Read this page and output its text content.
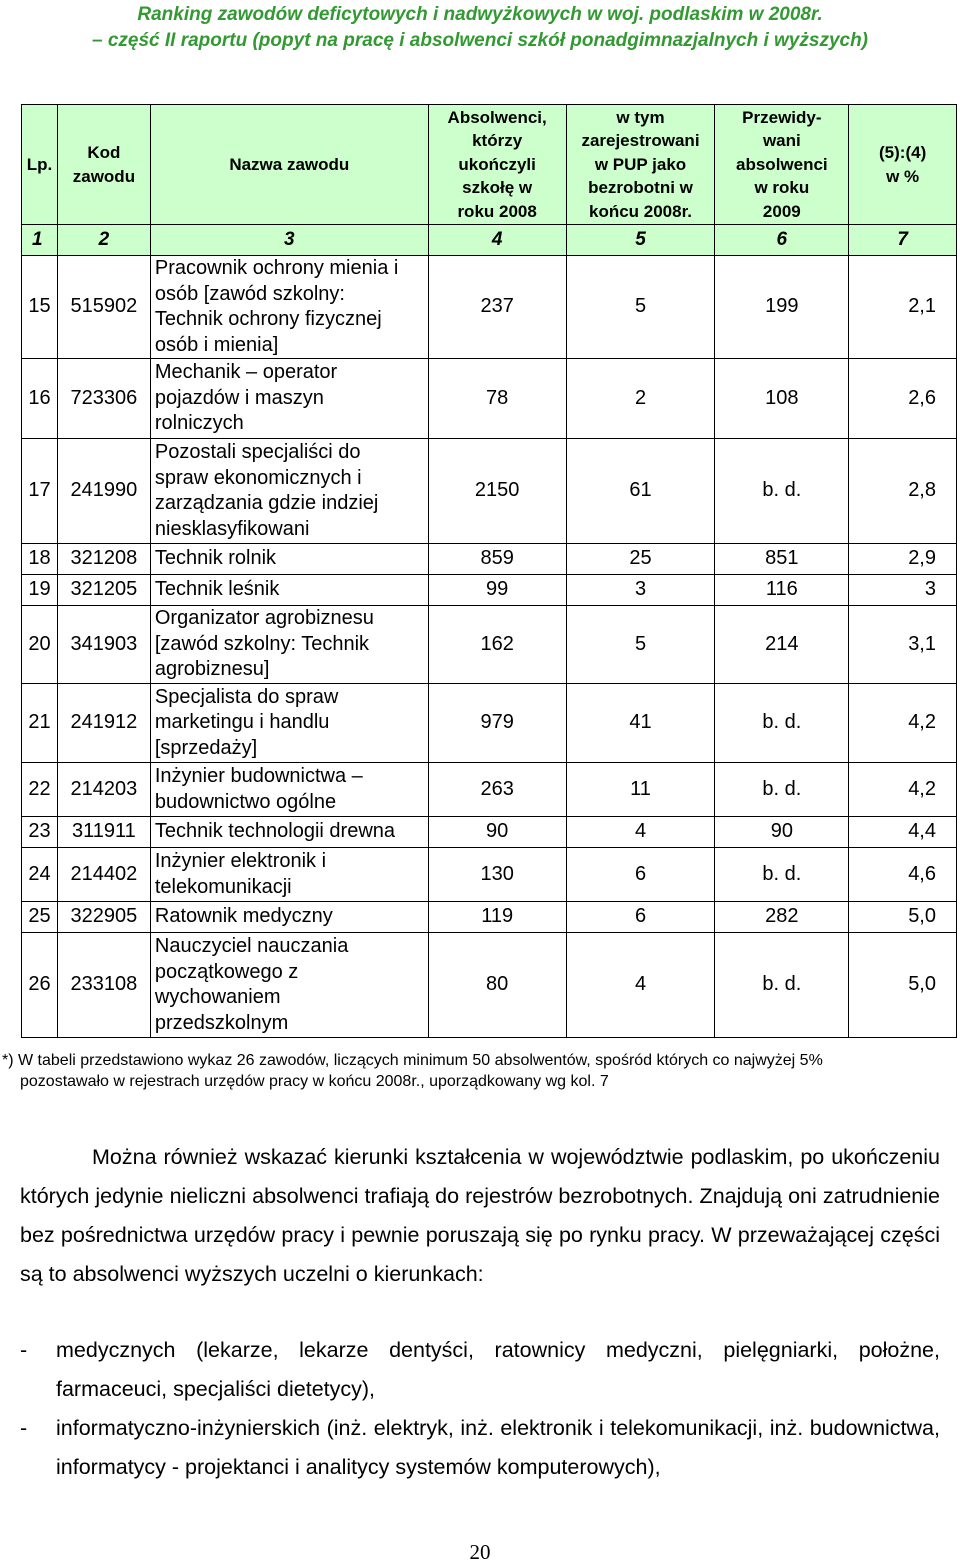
Ranking zawodów deficytowych i nadwyżkowych w woj. podlaskim w 2008r.
– część II raportu (popyt na pracę i absolwenci szkół ponadgimnazjalnych i wyższych)
Lp.	Kod
zawodu	Nazwa zawodu	Absolwenci,
którzy
ukończyli
szkołę w
roku 2008	w tym
zarejestrowani
w PUP jako
bezrobotni w
końcu 2008r.	Przewidy-
wani
absolwenci
w roku
2009	(5):(4)
w %
1	2	3	4	5	6	7
15	515902	Pracownik ochrony mienia i
osób [zawód szkolny:
Technik ochrony fizycznej
osób i mienia]	237	5	199	2,1
16	723306	Mechanik – operator
pojazdów i maszyn
rolniczych	78	2	108	2,6
17	241990	Pozostali specjaliści do
spraw ekonomicznych i
zarządzania gdzie indziej
niesklasyfikowani	2150	61	b. d.	2,8
18	321208	Technik rolnik	859	25	851	2,9
19	321205	Technik leśnik	99	3	116	3
20	341903	Organizator agrobiznesu
[zawód szkolny: Technik
agrobiznesu]	162	5	214	3,1
21	241912	Specjalista do spraw
marketingu i handlu
[sprzedaży]	979	41	b. d.	4,2
22	214203	Inżynier budownictwa –
budownictwo ogólne	263	11	b. d.	4,2
23	311911	Technik technologii drewna	90	4	90	4,4
24	214402	Inżynier elektronik i
telekomunikacji	130	6	b. d.	4,6
25	322905	Ratownik medyczny	119	6	282	5,0
26	233108	Nauczyciel nauczania
początkowego z
wychowaniem
przedszkolnym	80	4	b. d.	5,0
*) W tabeli przedstawiono wykaz 26 zawodów, liczących minimum 50 absolwentów, spośród których co najwyżej 5%
pozostawało w rejestrach urzędów pracy w końcu 2008r., uporządkowany wg kol. 7
Można również wskazać kierunki kształcenia w województwie podlaskim, po ukończeniu których jedynie nieliczni absolwenci trafiają do rejestrów bezrobotnych. Znajdują oni zatrudnienie bez pośrednictwa urzędów pracy i pewnie poruszają się po rynku pracy. W przeważającej części są to absolwenci wyższych uczelni o kierunkach:
- medycznych (lekarze, lekarze dentyści, ratownicy medyczni, pielęgniarki, położne, farmaceuci, specjaliści dietetycy),
- informatyczno-inżynierskich (inż. elektryk, inż. elektronik i telekomunikacji, inż. budownictwa, informatycy - projektanci i analitycy systemów komputerowych),
20
